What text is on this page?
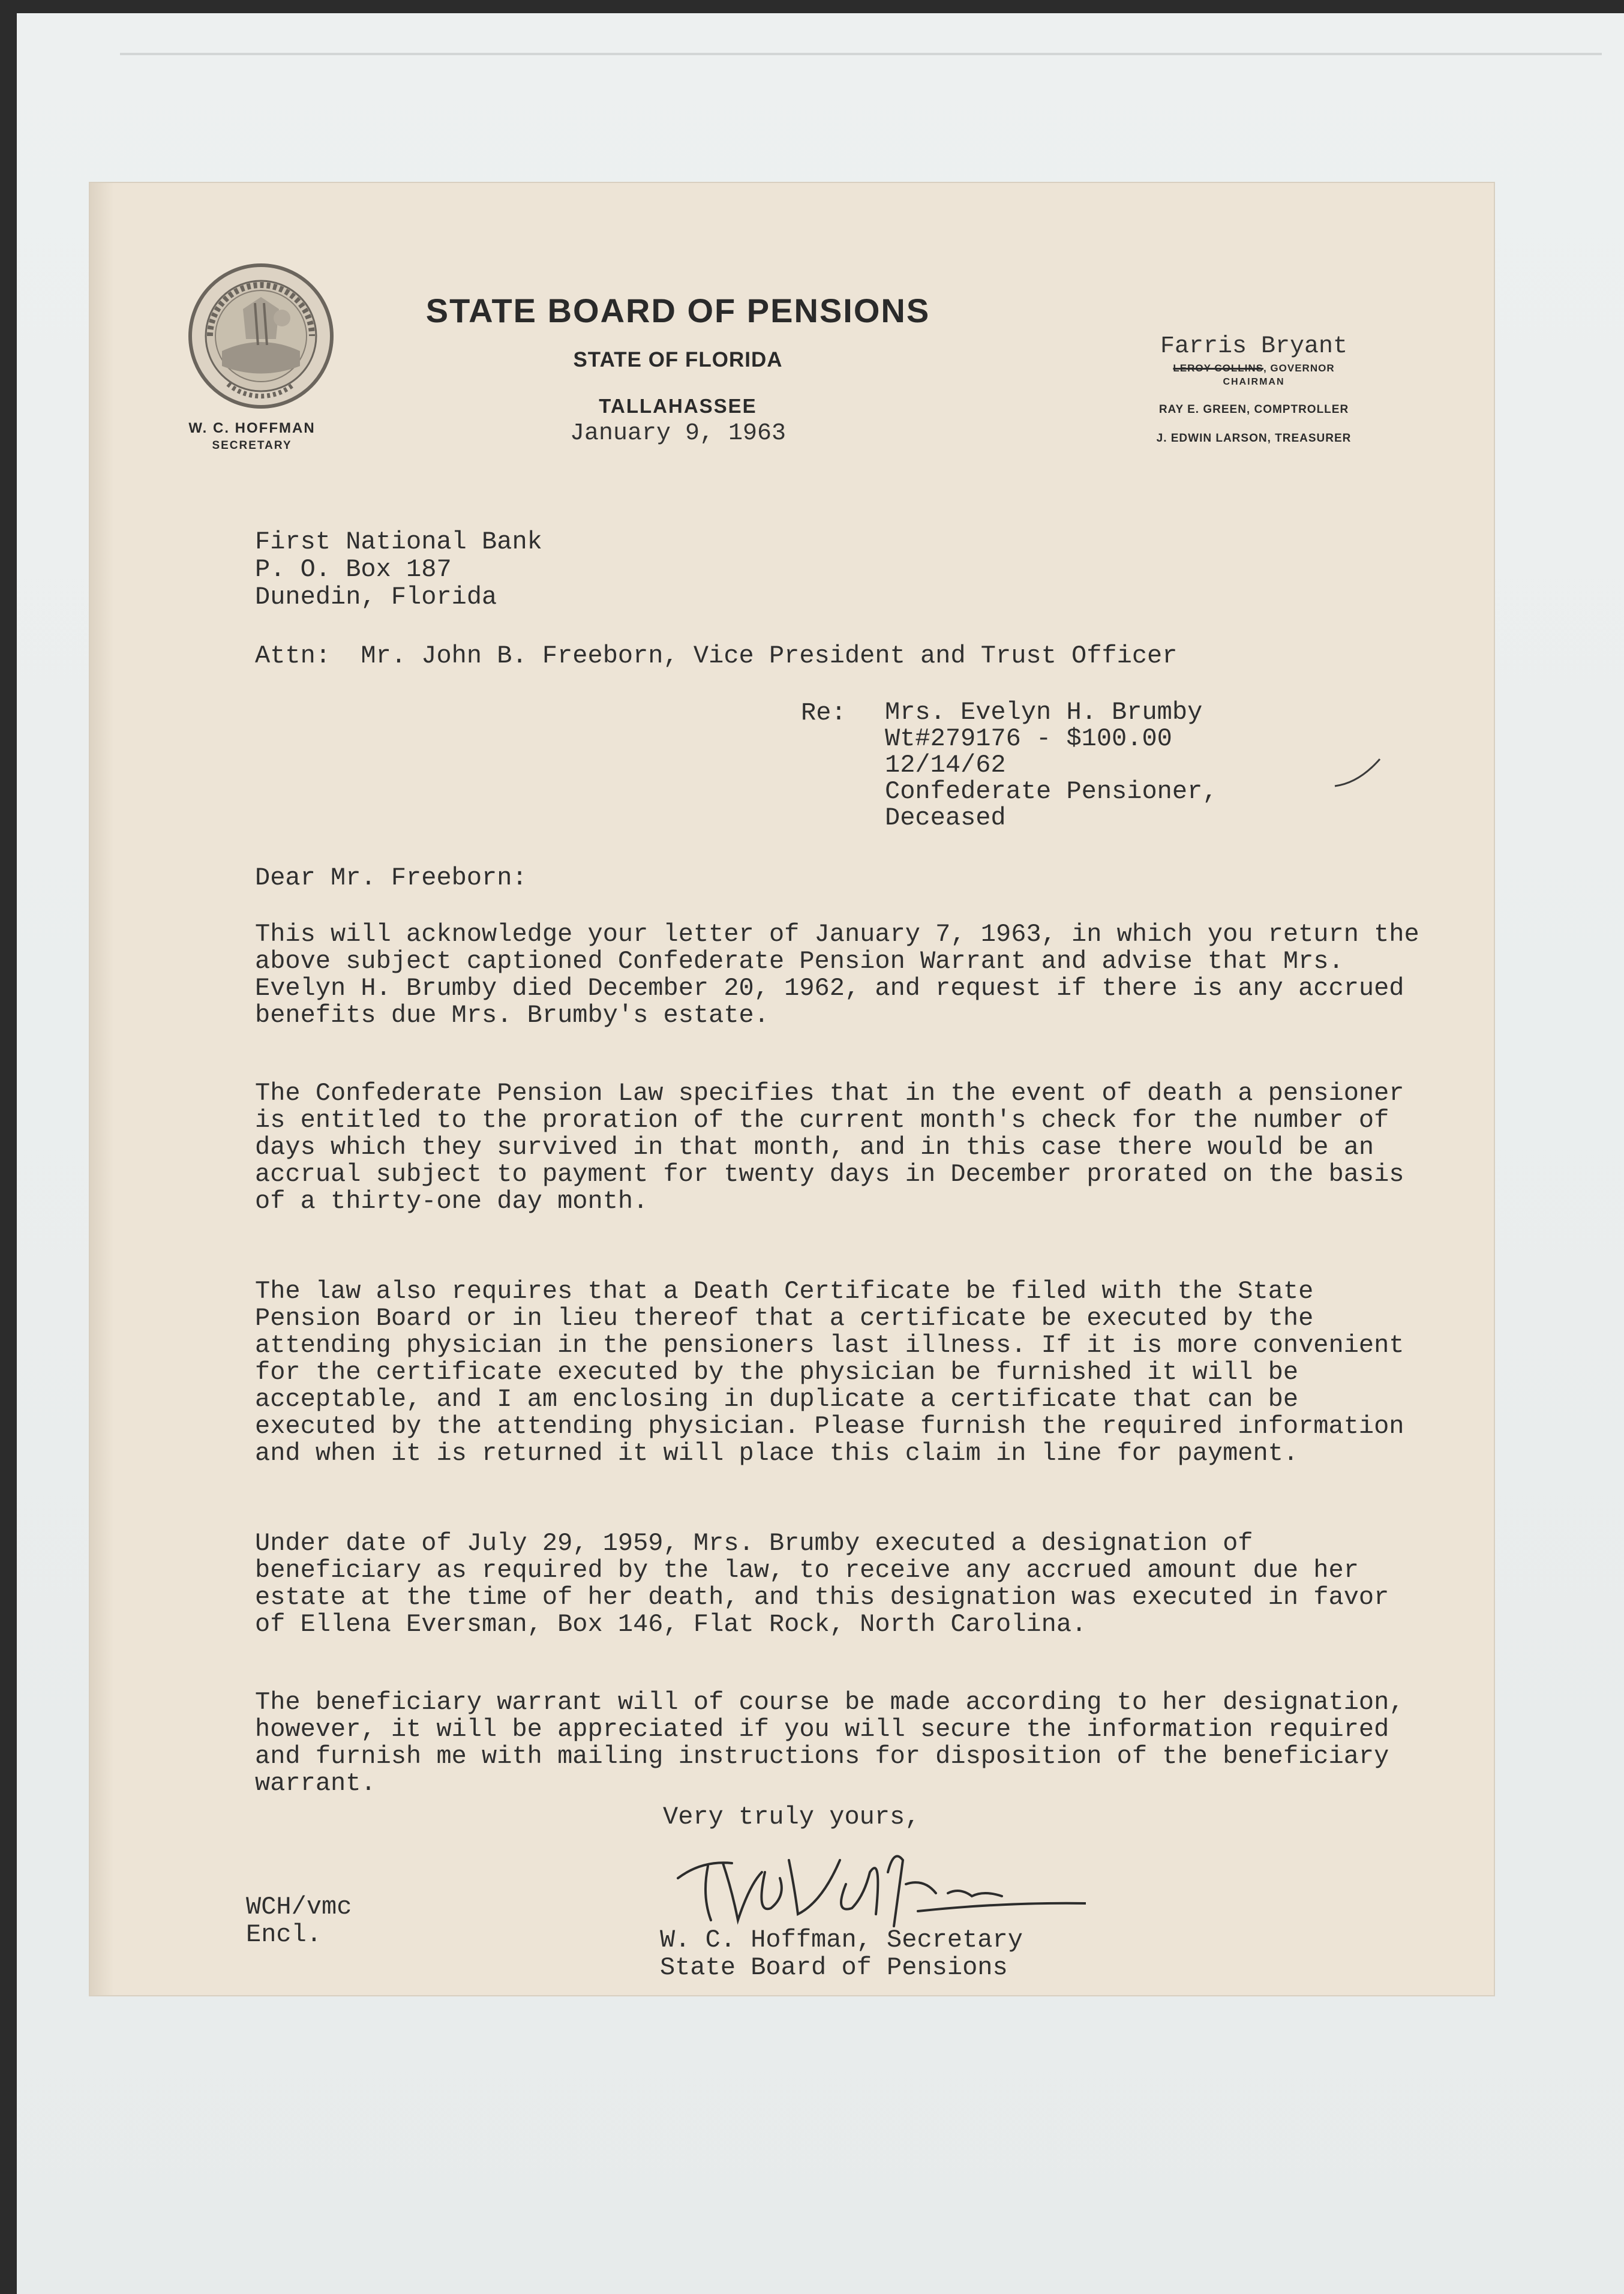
W. C. HOFFMAN
SECRETARY
STATE BOARD OF PENSIONS
STATE OF FLORIDA
TALLAHASSEE
January 9, 1963
Farris Bryant
LEROY COLLINS, GOVERNOR
CHAIRMAN
RAY E. GREEN, COMPTROLLER
J. EDWIN LARSON, TREASURER
First National Bank
P. O. Box 187
Dunedin, Florida
Attn:  Mr. John B. Freeborn, Vice President and Trust Officer
Re: Mrs. Evelyn H. Brumby
Wt#279176 - $100.00
12/14/62
Confederate Pensioner,
Deceased
Dear Mr. Freeborn:
This will acknowledge your letter of January 7, 1963, in which you return the above subject captioned Confederate Pension Warrant and advise that Mrs. Evelyn H. Brumby died December 20, 1962, and request if there is any accrued benefits due Mrs. Brumby's estate.
The Confederate Pension Law specifies that in the event of death a pensioner is entitled to the proration of the current month's check for the number of days which they survived in that month, and in this case there would be an accrual subject to payment for twenty days in December prorated on the basis of a thirty-one day month.
The law also requires that a Death Certificate be filed with the State Pension Board or in lieu thereof that a certificate be executed by the attending physician in the pensioners last illness. If it is more convenient for the certificate executed by the physician be furnished it will be acceptable, and I am enclosing in duplicate a certificate that can be executed by the attending physician. Please furnish the required information and when it is returned it will place this claim in line for payment.
Under date of July 29, 1959, Mrs. Brumby executed a designation of beneficiary as required by the law, to receive any accrued amount due her estate at the time of her death, and this designation was executed in favor of Ellena Eversman, Box 146, Flat Rock, North Carolina.
The beneficiary warrant will of course be made according to her designation, however, it will be appreciated if you will secure the information required and furnish me with mailing instructions for disposition of the beneficiary warrant.
Very truly yours,
WCH/vmc
Encl.	W. C. Hoffman, Secretary
State Board of Pensions
